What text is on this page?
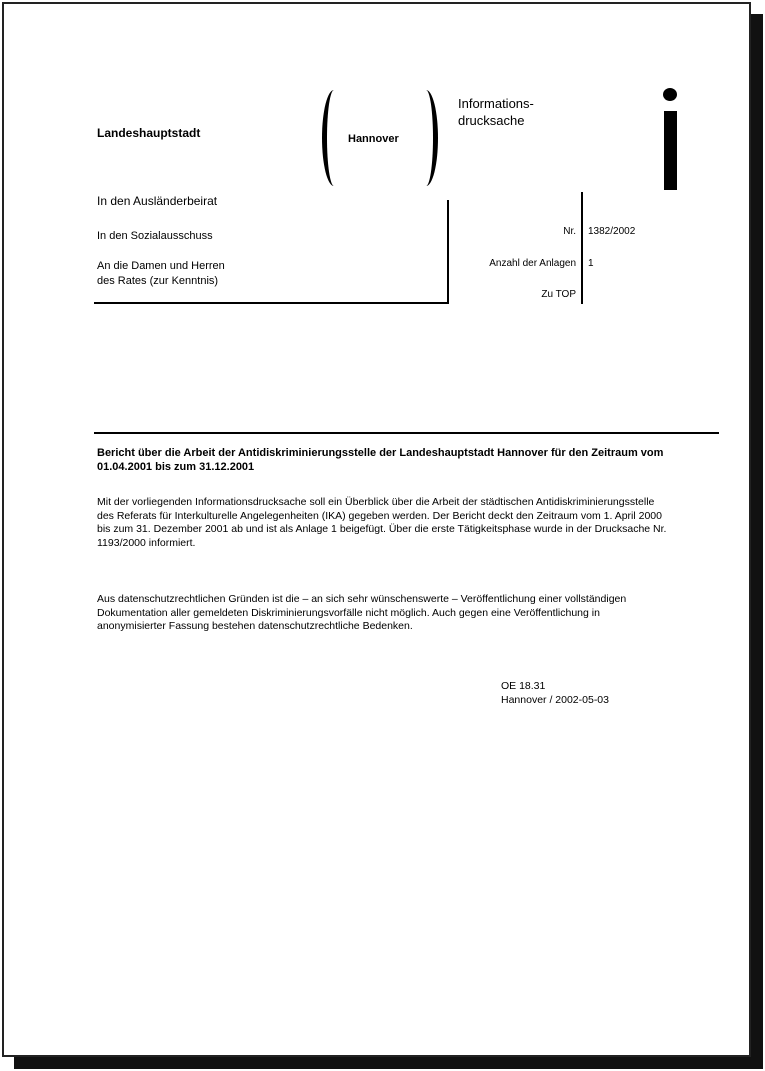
Landeshauptstadt	Hannover
Informations-
drucksache
In den Ausländerbeirat
In den Sozialausschuss
An die Damen und Herren
des Rates (zur Kenntnis)
Nr. 1382/2002
Anzahl der Anlagen 1
Zu TOP
Bericht über die Arbeit der Antidiskriminierungsstelle der Landeshauptstadt Hannover für den Zeitraum vom 01.04.2001 bis zum 31.12.2001
Mit der vorliegenden Informationsdrucksache soll ein Überblick über die Arbeit der städtischen Antidiskriminierungsstelle des Referats für Interkulturelle Angelegenheiten (IKA) gegeben werden. Der Bericht deckt den Zeitraum vom 1. April 2000 bis zum 31. Dezember 2001 ab und ist als Anlage 1 beigefügt. Über die erste Tätigkeitsphase wurde in der Drucksache Nr. 1193/2000 informiert.
Aus datenschutzrechtlichen Gründen ist die – an sich sehr wünschenswerte – Veröffentlichung einer vollständigen Dokumentation aller gemeldeten Diskriminierungsvorfälle nicht möglich. Auch gegen eine Veröffentlichung in anonymisierter Fassung bestehen datenschutzrechtliche Bedenken.
OE 18.31
Hannover / 2002-05-03
